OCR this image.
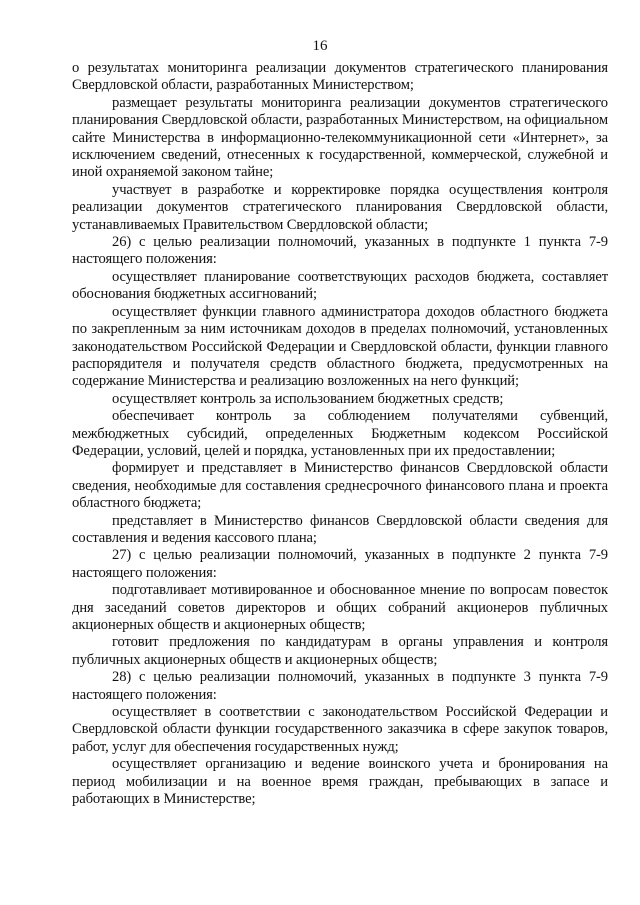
16

о результатах мониторинга реализации документов стратегического планирования Свердловской области, разработанных Министерством;

размещает результаты мониторинга реализации документов стратегического планирования Свердловской области, разработанных Министерством, на официальном сайте Министерства в информационно-телекоммуникационной сети «Интернет», за исключением сведений, отнесенных к государственной, коммерческой, служебной и иной охраняемой законом тайне;

участвует в разработке и корректировке порядка осуществления контроля реализации документов стратегического планирования Свердловской области, устанавливаемых Правительством Свердловской области;

26) с целью реализации полномочий, указанных в подпункте 1 пункта 7-9 настоящего положения:

осуществляет планирование соответствующих расходов бюджета, составляет обоснования бюджетных ассигнований;

осуществляет функции главного администратора доходов областного бюджета по закрепленным за ним источникам доходов в пределах полномочий, установленных законодательством Российской Федерации и Свердловской области, функции главного распорядителя и получателя средств областного бюджета, предусмотренных на содержание Министерства и реализацию возложенных на него функций;

осуществляет контроль за использованием бюджетных средств;

обеспечивает контроль за соблюдением получателями субвенций, межбюджетных субсидий, определенных Бюджетным кодексом Российской Федерации, условий, целей и порядка, установленных при их предоставлении;

формирует и представляет в Министерство финансов Свердловской области сведения, необходимые для составления среднесрочного финансового плана и проекта областного бюджета;

представляет в Министерство финансов Свердловской области сведения для составления и ведения кассового плана;

27) с целью реализации полномочий, указанных в подпункте 2 пункта 7-9 настоящего положения:

подготавливает мотивированное и обоснованное мнение по вопросам повесток дня заседаний советов директоров и общих собраний акционеров публичных акционерных обществ и акционерных обществ;

готовит предложения по кандидатурам в органы управления и контроля публичных акционерных обществ и акционерных обществ;

28) с целью реализации полномочий, указанных в подпункте 3 пункта 7-9 настоящего положения:

осуществляет в соответствии с законодательством Российской Федерации и Свердловской области функции государственного заказчика в сфере закупок товаров, работ, услуг для обеспечения государственных нужд;

осуществляет организацию и ведение воинского учета и бронирования на период мобилизации и на военное время граждан, пребывающих в запасе и работающих в Министерстве;
